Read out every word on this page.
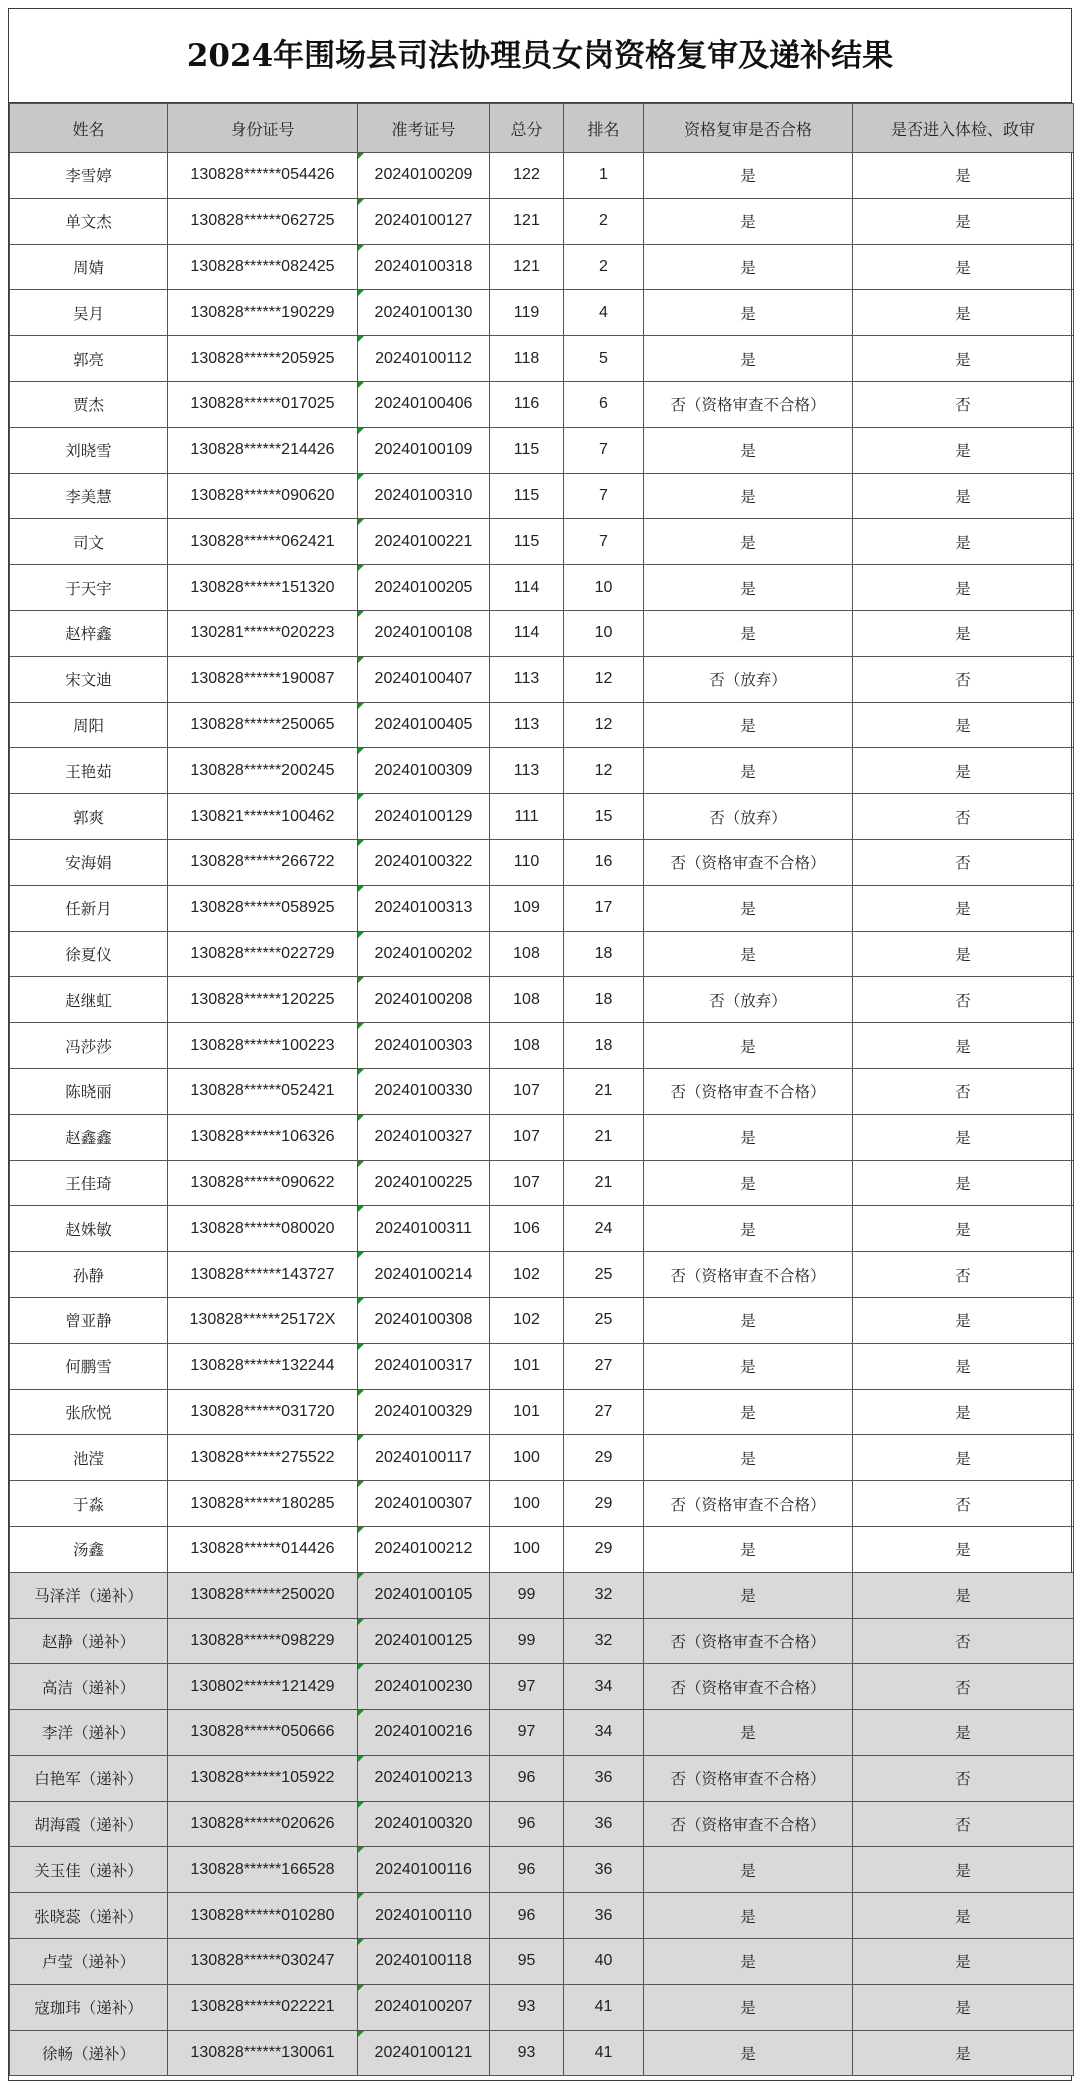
2024年围场县司法协理员女岗资格复审及递补结果
姓名	身份证号	准考证号	总分	排名	资格复审是否合格	是否进入体检、政审
李雪婷	130828******054426	20240100209	122	1	是	是
单文杰	130828******062725	20240100127	121	2	是	是
周婧	130828******082425	20240100318	121	2	是	是
吴月	130828******190229	20240100130	119	4	是	是
郭亮	130828******205925	20240100112	118	5	是	是
贾杰	130828******017025	20240100406	116	6	否（资格审查不合格）	否
刘晓雪	130828******214426	20240100109	115	7	是	是
李美慧	130828******090620	20240100310	115	7	是	是
司文	130828******062421	20240100221	115	7	是	是
于天宇	130828******151320	20240100205	114	10	是	是
赵梓鑫	130281******020223	20240100108	114	10	是	是
宋文迪	130828******190087	20240100407	113	12	否（放弃）	否
周阳	130828******250065	20240100405	113	12	是	是
王艳茹	130828******200245	20240100309	113	12	是	是
郭爽	130821******100462	20240100129	111	15	否（放弃）	否
安海娟	130828******266722	20240100322	110	16	否（资格审查不合格）	否
任新月	130828******058925	20240100313	109	17	是	是
徐夏仪	130828******022729	20240100202	108	18	是	是
赵继虹	130828******120225	20240100208	108	18	否（放弃）	否
冯莎莎	130828******100223	20240100303	108	18	是	是
陈晓丽	130828******052421	20240100330	107	21	否（资格审查不合格）	否
赵鑫鑫	130828******106326	20240100327	107	21	是	是
王佳琦	130828******090622	20240100225	107	21	是	是
赵姝敏	130828******080020	20240100311	106	24	是	是
孙静	130828******143727	20240100214	102	25	否（资格审查不合格）	否
曾亚静	130828******25172X	20240100308	102	25	是	是
何鹏雪	130828******132244	20240100317	101	27	是	是
张欣悦	130828******031720	20240100329	101	27	是	是
池滢	130828******275522	20240100117	100	29	是	是
于淼	130828******180285	20240100307	100	29	否（资格审查不合格）	否
汤鑫	130828******014426	20240100212	100	29	是	是
马泽洋（递补）	130828******250020	20240100105	99	32	是	是
赵静（递补）	130828******098229	20240100125	99	32	否（资格审查不合格）	否
高洁（递补）	130802******121429	20240100230	97	34	否（资格审查不合格）	否
李洋（递补）	130828******050666	20240100216	97	34	是	是
白艳军（递补）	130828******105922	20240100213	96	36	否（资格审查不合格）	否
胡海霞（递补）	130828******020626	20240100320	96	36	否（资格审查不合格）	否
关玉佳（递补）	130828******166528	20240100116	96	36	是	是
张晓蕊（递补）	130828******010280	20240100110	96	36	是	是
卢莹（递补）	130828******030247	20240100118	95	40	是	是
寇珈玮（递补）	130828******022221	20240100207	93	41	是	是
徐畅（递补）	130828******130061	20240100121	93	41	是	是
